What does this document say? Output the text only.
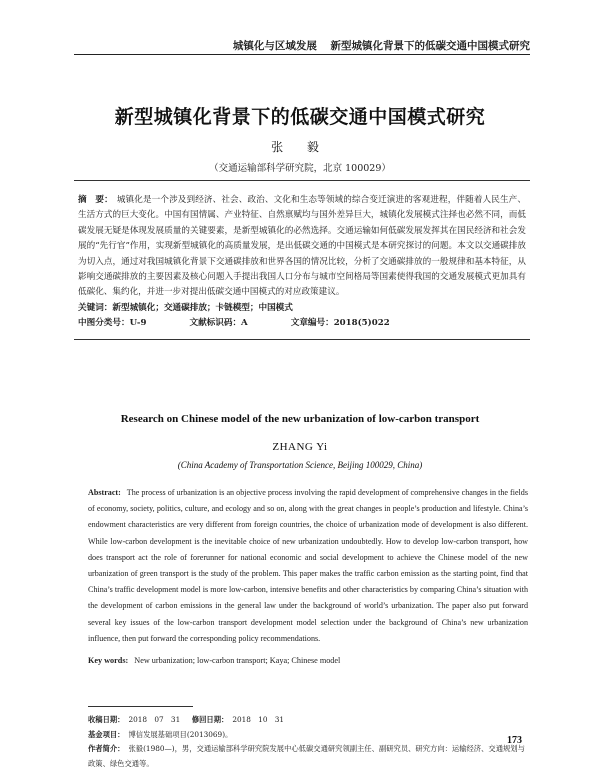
城镇化与区域发展 新型城镇化背景下的低碳交通中国模式研究
新型城镇化背景下的低碳交通中国模式研究
张 毅
（交通运输部科学研究院，北京 100029）

摘　要： 城镇化是一个涉及到经济、社会、政治、文化和生态等领域的综合变迁演进的客观进程，伴随着人民生产、生活方式的巨大变化。中国有国情属、产业特征、自然禀赋均与国外差异巨大，城镇化发展模式注择也必然不同，而低碳发展无疑是体现发展质量的关键要素，是新型城镇化的必然选择。交通运输如何低碳发展发挥其在国民经济和社会发展的“先行官”作用，实现新型城镇化的高质量发展，是出低碳交通的中国模式是本研究探讨的问题。本文以交通碳排放为切入点，通过对我国城镇化背景下交通碳排放和世界各国的情况比较，分析了交通碳排放的一般规律和基本特征，从影响交通碳排放的主要因素及核心问题入手提出我国人口分布与城市空间格局等国素使得我国的交通发展模式更加具有低碳化、集约化，并进一步对提出低碳交通中国模式的对应政策建议。

关键词：新型城镇化；交通碳排放；卡链模型；中国模式

中图分类号：U-9	文献标识码：A	文章编号：2018(5)022

Research on Chinese model of the new urbanization of low-carbon transport
ZHANG Yi
(China Academy of Transportation Science, Beijing 100029, China)

Abstract: The process of urbanization is an objective process involving the rapid development of comprehensive changes in the fields of economy, society, politics, culture, and ecology and so on, along with the great changes in people’s production and lifestyle. China’s endowment characteristics are very different from foreign countries, the choice of urbanization mode of development is also different. While low-carbon development is the inevitable choice of new urbanization undoubtedly. How to develop low-carbon transport, how does transport act the role of forerunner for national economic and social development to achieve the Chinese model of the new urbanization of green transport is the study of the problem. This paper makes the traffic carbon emission as the starting point, find that China’s traffic development model is more low-carbon, intensive benefits and other characteristics by comparing China’s situation with the development of carbon emissions in the general law under the background of world’s urbanization. The paper also put forward several key issues of the low-carbon transport development model selection under the background of China’s new urbanization influence, then put forward the corresponding policy recommendations.

Key words: New urbanization; low-carbon transport; Kaya; Chinese model

收稿日期： 2018　07　31 修回日期： 2018　10　31
基金项目： 博信发展基础项目(2013069)。
作者简介： 张毅(1980—)，男，交通运输部科学研究院发展中心低碳交通研究领副主任、副研究员、研究方向：运输经济、交通规划与政策、绿色交通等。
173
